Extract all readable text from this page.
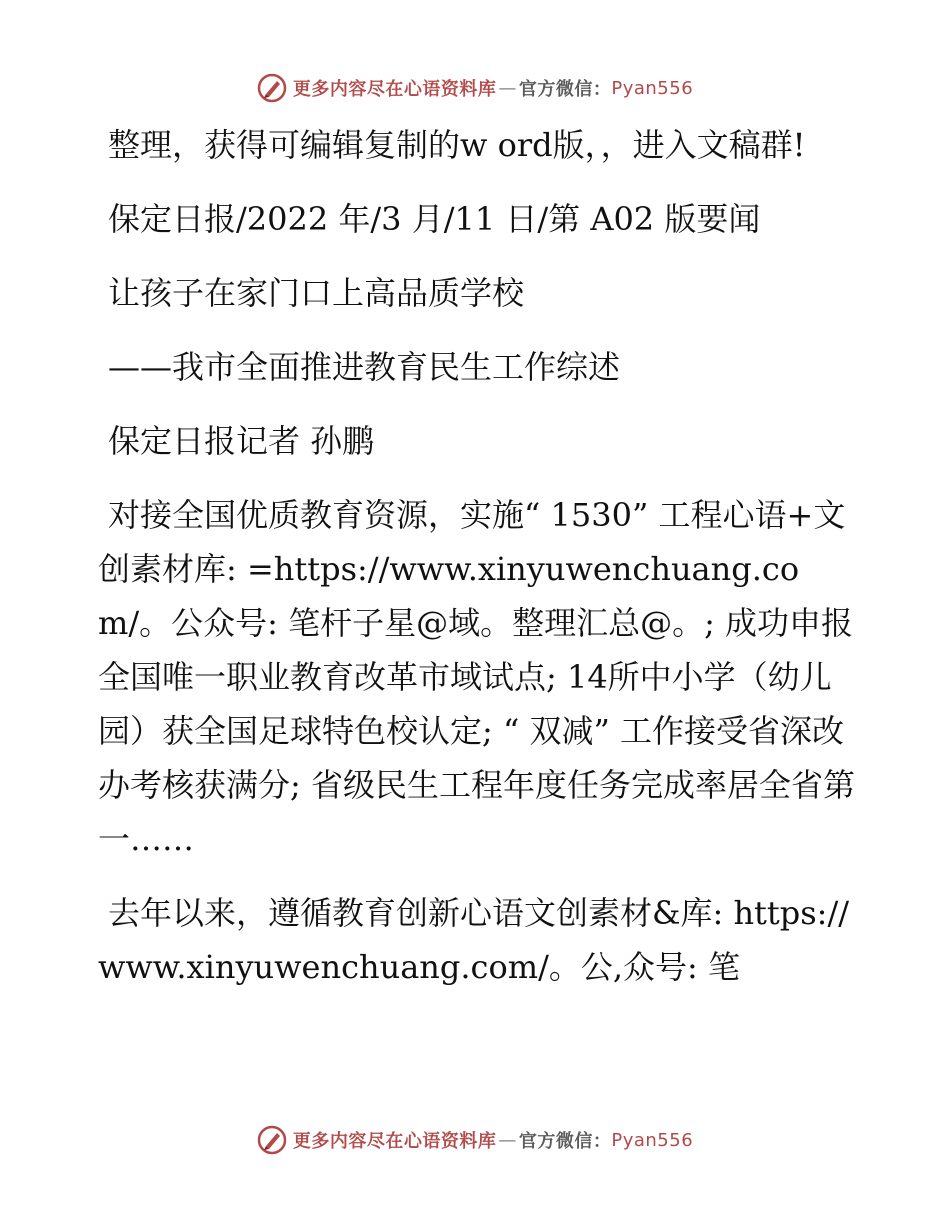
更多内容尽在心语资料库 — 官方微信： Pyan556

整理，获得可编辑复制的w ord版，，进入文稿群!

保定日报/2022 年/3 月/11 日/第 A02 版要闻

让孩子在家门口上高品质学校

——我市全面推进教育民生工作综述

保定日报记者 孙鹏

对接全国优质教育资源，实施“ 1530” 工程心语+文创素材库: =https://www.xinyuwenchuang.com/。公众号: 笔杆子星@域。整理汇总@。; 成功申报全国唯一职业教育改革市域试点; 14所中小学（幼儿园）获全国足球特色校认定; “ 双减” 工作接受省深改办考核获满分; 省级民生工程年度任务完成率居全省第一……

去年以来，遵循教育创新心语文创素材&库: https://www.xinyuwenchuang.com/。公,众号: 笔

更多内容尽在心语资料库 — 官方微信： Pyan556
